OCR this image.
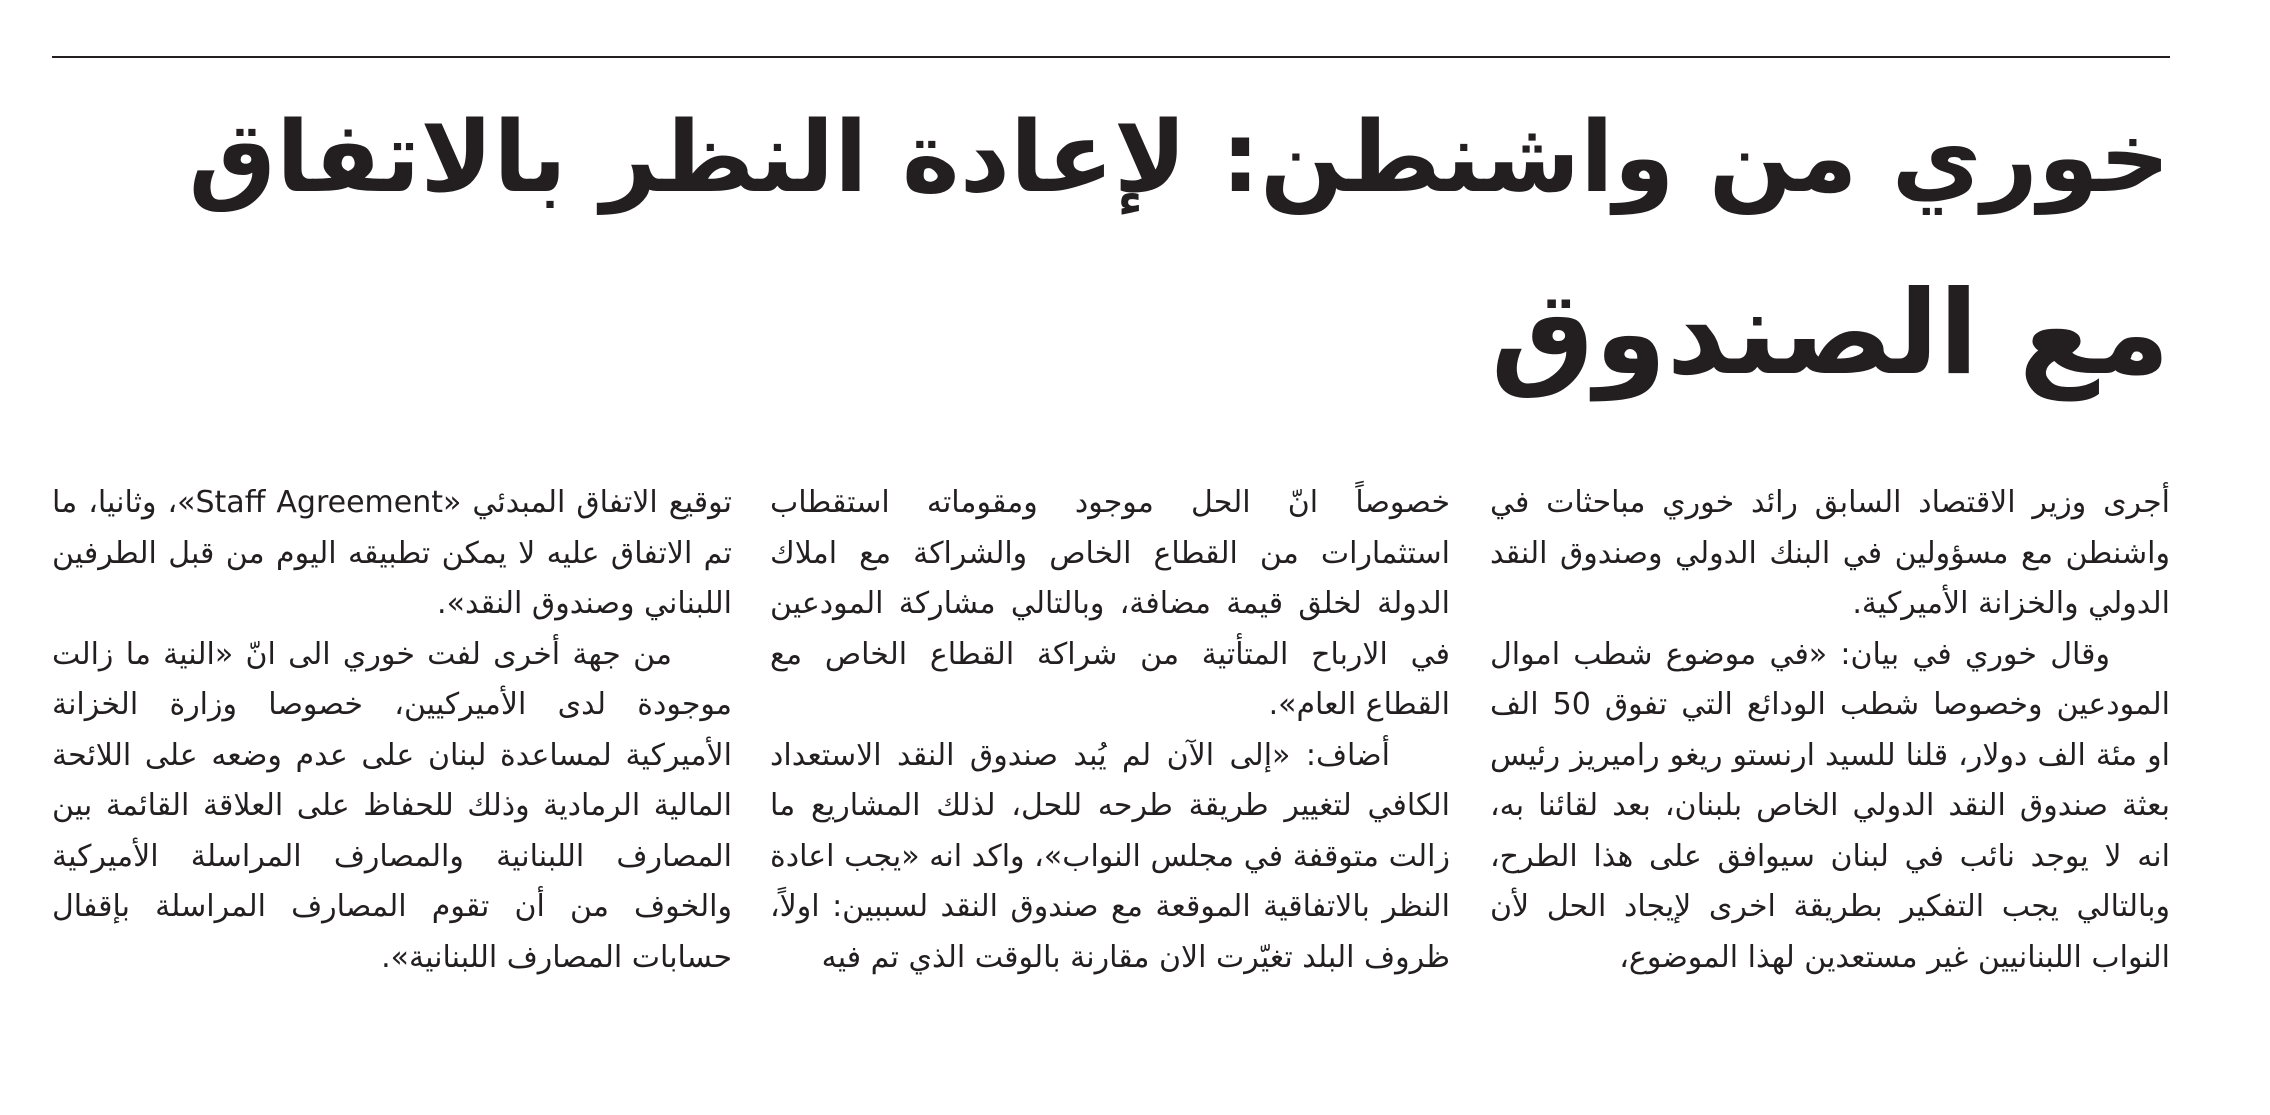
خوري من واشنطن: لإعادة النظر بالاتفاق
مع الصندوق

أجرى وزير الاقتصاد السابق رائد خوري مباحثات في واشنطن مع مسؤولين في البنك الدولي وصندوق النقد الدولي والخزانة الأميركية.

وقال خوري في بيان: «في موضوع شطب اموال المودعين وخصوصا شطب الودائع التي تفوق 50 الف او مئة الف دولار، قلنا للسيد ارنستو ريغو راميريز رئيس بعثة صندوق النقد الدولي الخاص بلبنان، بعد لقائنا به، انه لا يوجد نائب في لبنان سيوافق على هذا الطرح، وبالتالي يجب التفكير بطريقة اخرى لإيجاد الحل لأن النواب اللبنانيين غير مستعدين لهذا الموضوع،

خصوصاً انّ الحل موجود ومقوماته استقطاب استثمارات من القطاع الخاص والشراكة مع املاك الدولة لخلق قيمة مضافة، وبالتالي مشاركة المودعين في الارباح المتأتية من شراكة القطاع الخاص مع القطاع العام».

أضاف: «إلى الآن لم يُبد صندوق النقد الاستعداد الكافي لتغيير طريقة طرحه للحل، لذلك المشاريع ما زالت متوقفة في مجلس النواب»، واكد انه «يجب اعادة النظر بالاتفاقية الموقعة مع صندوق النقد لسببين: اولاً، ظروف البلد تغيّرت الان مقارنة بالوقت الذي تم فيه

توقيع الاتفاق المبدئي «Staff Agreement»، وثانيا، ما تم الاتفاق عليه لا يمكن تطبيقه اليوم من قبل الطرفين اللبناني وصندوق النقد».

من جهة أخرى لفت خوري الى انّ «النية ما زالت موجودة لدى الأميركيين، خصوصا وزارة الخزانة الأميركية لمساعدة لبنان على عدم وضعه على اللائحة المالية الرمادية وذلك للحفاظ على العلاقة القائمة بين المصارف اللبنانية والمصارف المراسلة الأميركية والخوف من أن تقوم المصارف المراسلة بإقفال حسابات المصارف اللبنانية».
